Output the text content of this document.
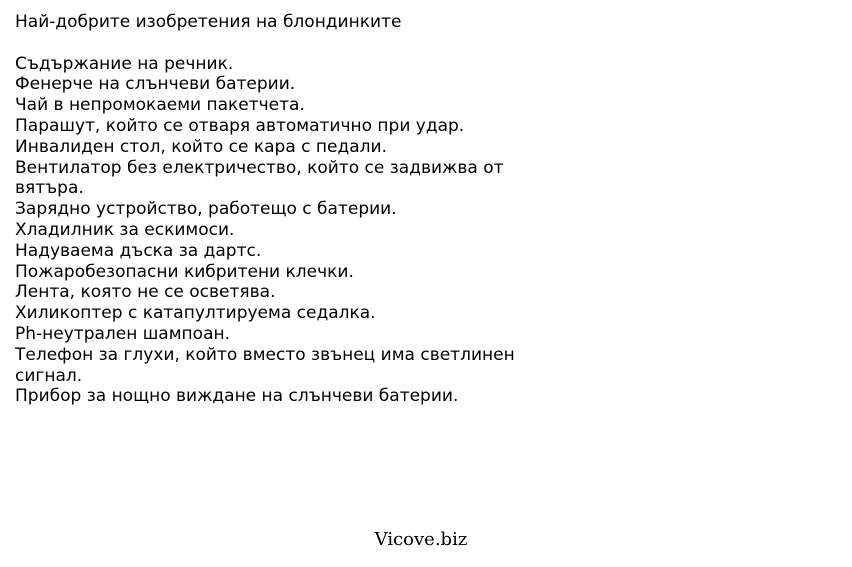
Най-добрите изобретения на блондинките
Съдържание на речник.
Фенерче на слънчеви батерии.
Чай в непромокаеми пакетчета.
Парашут, който се отваря автоматично при удар.
Инвалиден стол, който се кара с педали.
Вентилатор без електричество, който се задвижва от вятъра.
Зарядно устройство, работещо с батерии.
Хладилник за ескимоси.
Надуваема дъска за дартс.
Пожаробезопасни кибритени клечки.
Лента, която не се осветява.
Хиликоптер с катапултируема седалка.
Ph-неутрален шампоан.
Телефон за глухи, който вместо звънец има светлинен сигнал.
Прибор за нощно виждане на слънчеви батерии.
Vicove.biz
